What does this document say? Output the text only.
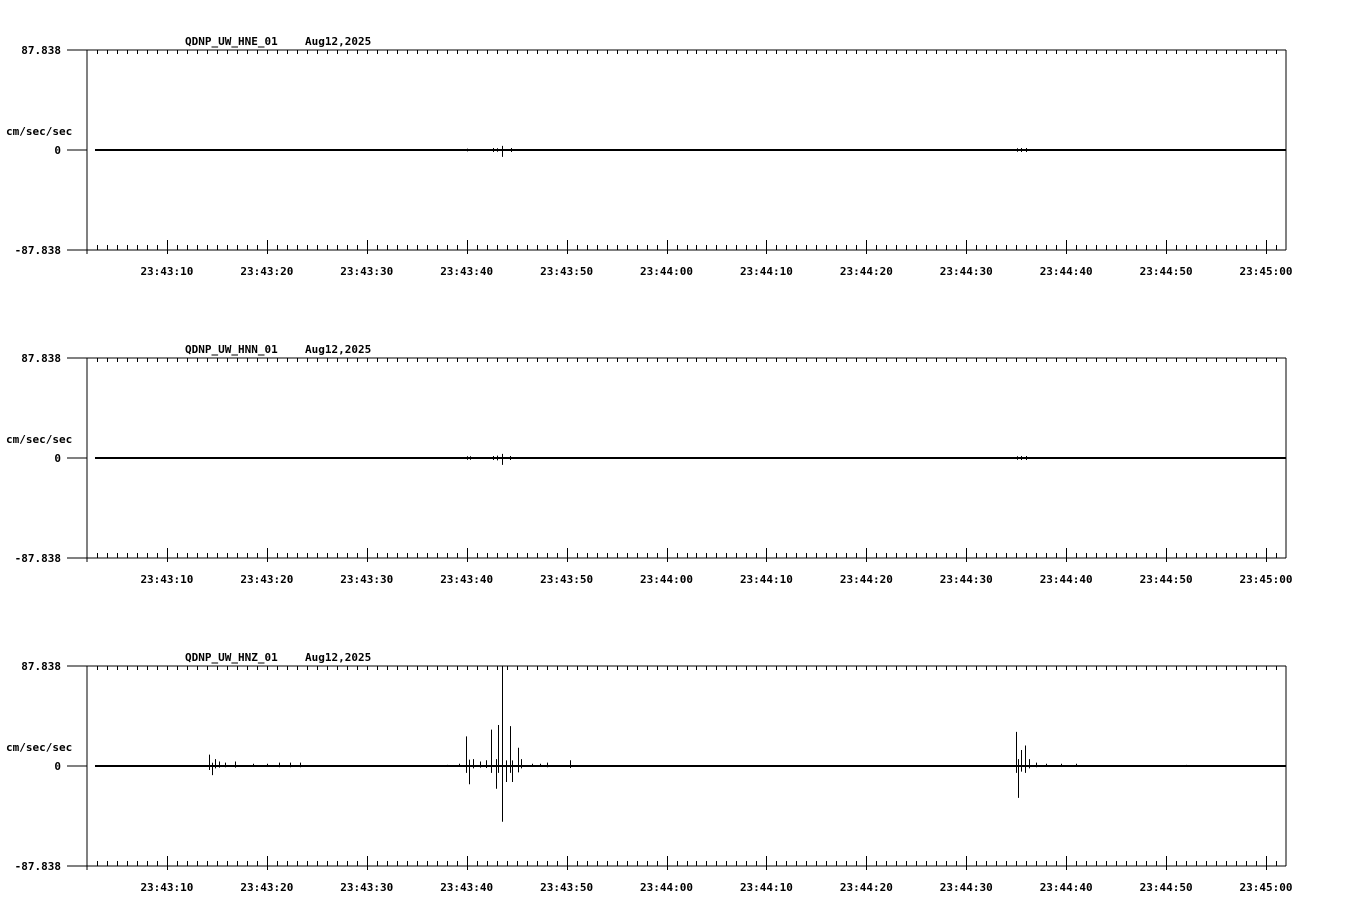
QDNP_UW_HNE_01 Aug12,2025
cm/sec/sec
87.838
0
-87.838
23:43:10	23:43:20	23:43:30	23:43:40	23:43:50	23:44:00	23:44:10	23:44:20	23:44:30	23:44:40	23:44:50	23:45:00
QDNP_UW_HNN_01 Aug12,2025
cm/sec/sec
87.838
0
-87.838
23:43:10	23:43:20	23:43:30	23:43:40	23:43:50	23:44:00	23:44:10	23:44:20	23:44:30	23:44:40	23:44:50	23:45:00
QDNP_UW_HNZ_01 Aug12,2025
cm/sec/sec
87.838
0
-87.838
23:43:10	23:43:20	23:43:30	23:43:40	23:43:50	23:44:00	23:44:10	23:44:20	23:44:30	23:44:40	23:44:50	23:45:00
